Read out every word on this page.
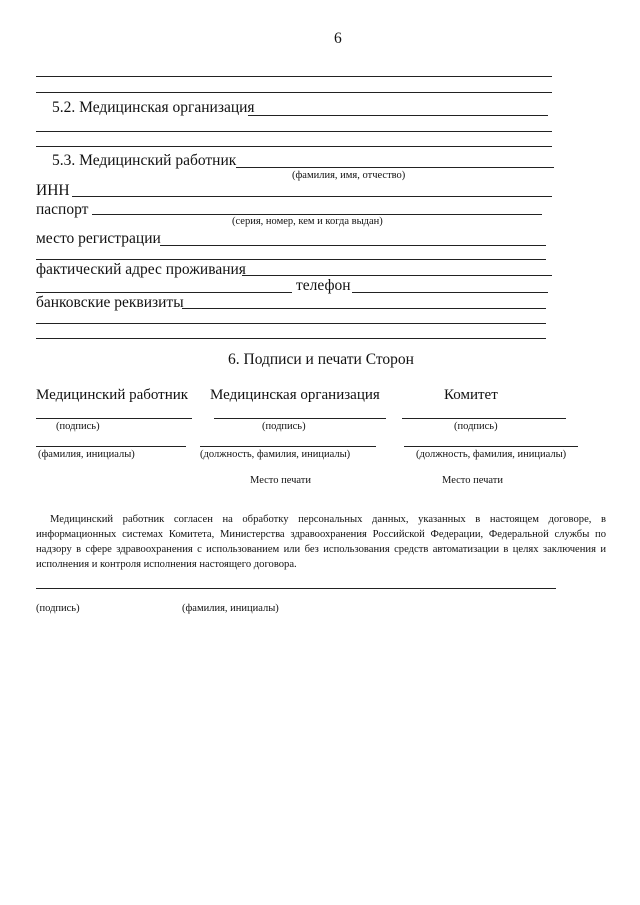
6
5.2. Медицинская организация
5.3. Медицинский работник
(фамилия, имя, отчество)
ИНН
паспорт
(серия, номер, кем и когда выдан)
место регистрации
фактический адрес проживания
телефон
банковские реквизиты
6. Подписи и печати Сторон
Медицинский работник
(подпись)
(фамилия, инициалы)
Медицинская организация
(подпись)
(должность, фамилия, инициалы)
Место печати
Комитет
(подпись)
(должность, фамилия, инициалы)
Место печати
Медицинский работник согласен на обработку персональных данных, указанных в настоящем договоре, в информационных системах Комитета, Министерства здравоохранения Российской Федерации, Федеральной службы по надзору в сфере здравоохранения с использованием или без использования средств автоматизации в целях заключения и исполнения и контроля исполнения настоящего договора.
(подпись)	(фамилия, инициалы)
